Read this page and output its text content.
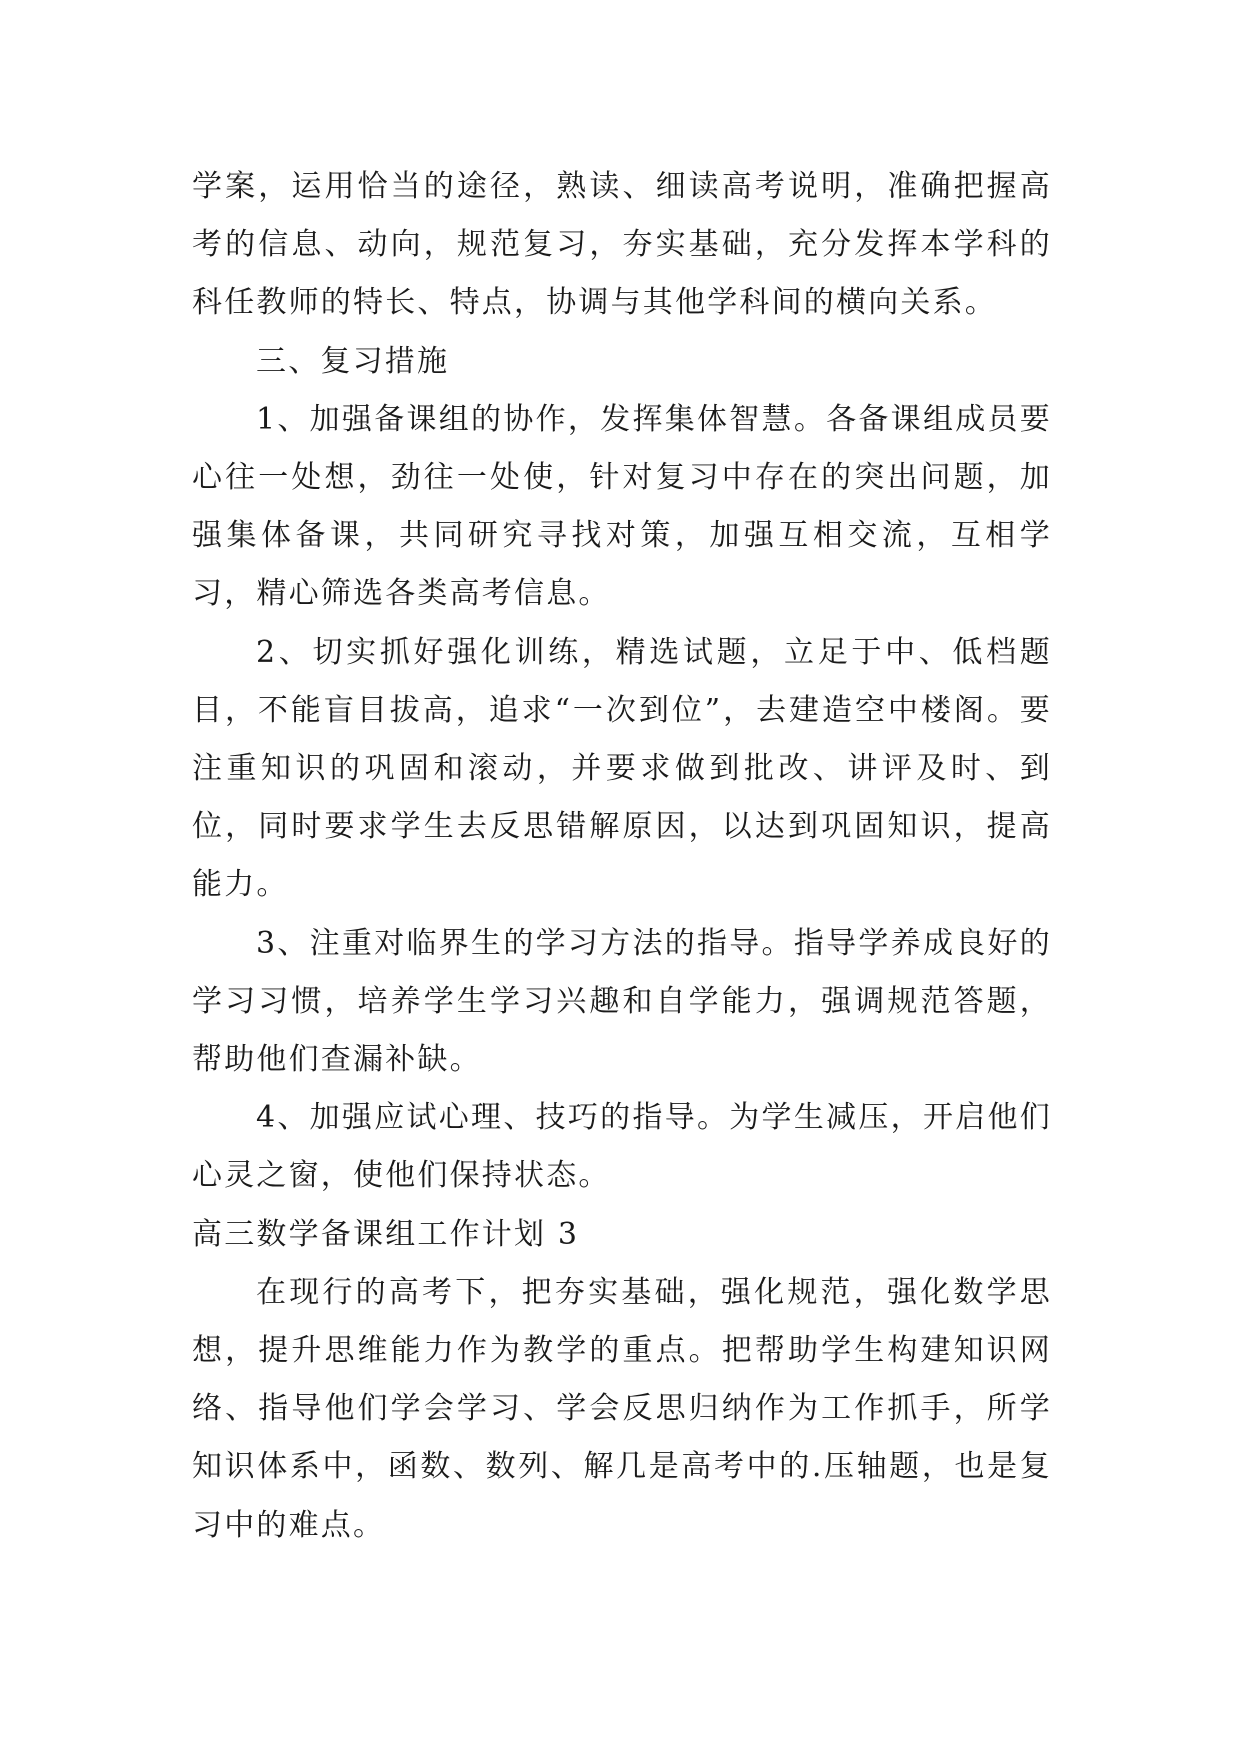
学案，运用恰当的途径，熟读、细读高考说明，准确把握高考的信息、动向，规范复习，夯实基础，充分发挥本学科的科任教师的特长、特点，协调与其他学科间的横向关系。

三、复习措施

1、加强备课组的协作，发挥集体智慧。各备课组成员要心往一处想，劲往一处使，针对复习中存在的突出问题，加强集体备课，共同研究寻找对策，加强互相交流，互相学习，精心筛选各类高考信息。

2、切实抓好强化训练，精选试题，立足于中、低档题目，不能盲目拔高，追求“一次到位”，去建造空中楼阁。要注重知识的巩固和滚动，并要求做到批改、讲评及时、到位，同时要求学生去反思错解原因，以达到巩固知识，提高能力。

3、注重对临界生的学习方法的指导。指导学养成良好的学习习惯，培养学生学习兴趣和自学能力，强调规范答题，帮助他们查漏补缺。

4、加强应试心理、技巧的指导。为学生减压，开启他们心灵之窗，使他们保持状态。

高三数学备课组工作计划 3

在现行的高考下，把夯实基础，强化规范，强化数学思想，提升思维能力作为教学的重点。把帮助学生构建知识网络、指导他们学会学习、学会反思归纳作为工作抓手，所学知识体系中，函数、数列、解几是高考中的.压轴题，也是复习中的难点。
